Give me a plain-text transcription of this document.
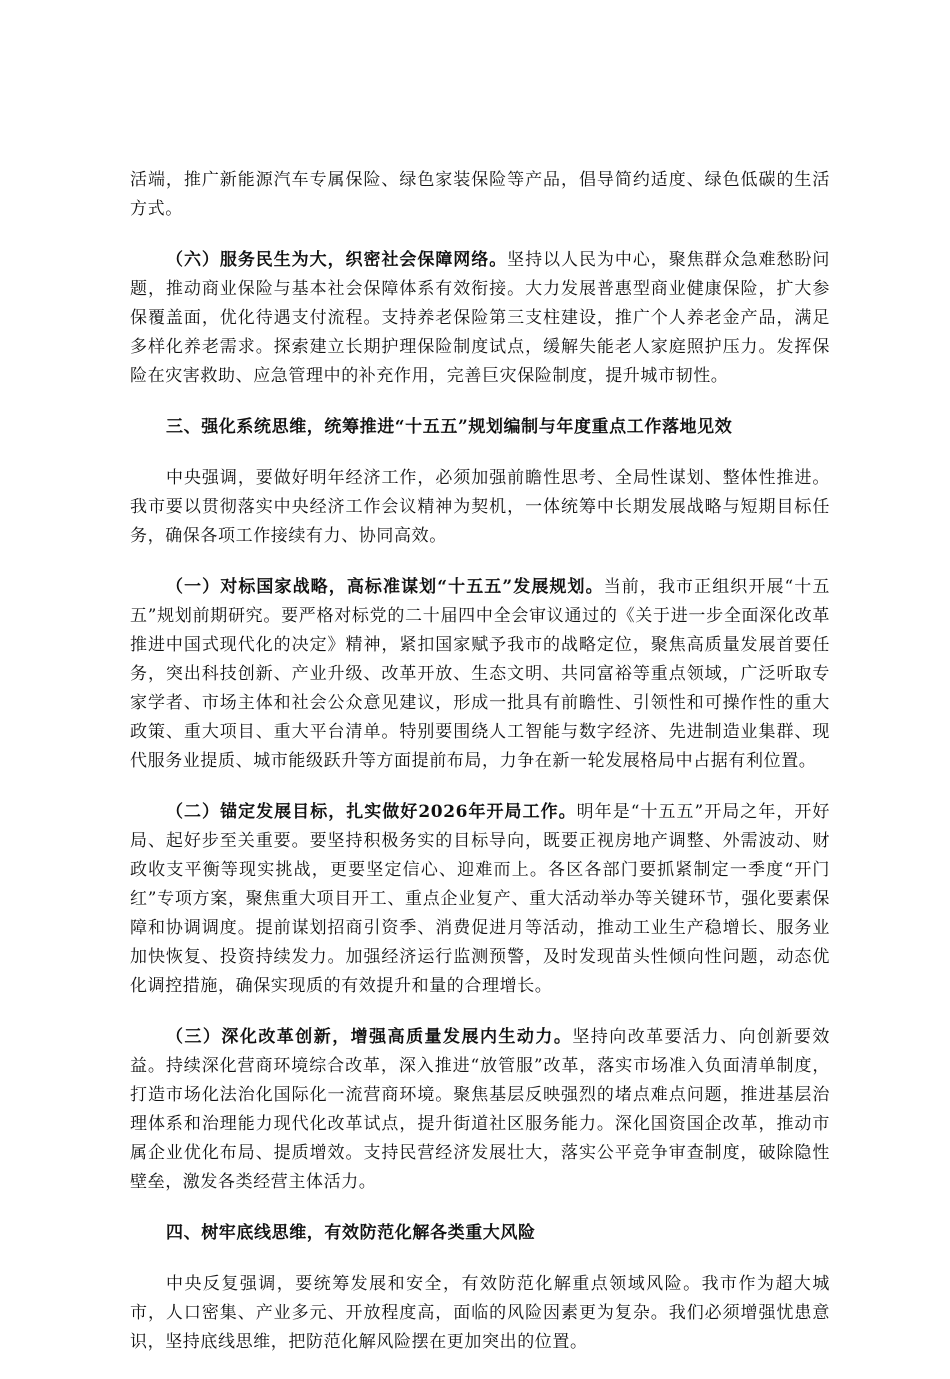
活端，推广新能源汽车专属保险、绿色家装保险等产品，倡导简约适度、绿色低碳的生活方式。

（六）服务民生为大，织密社会保障网络。坚持以人民为中心，聚焦群众急难愁盼问题，推动商业保险与基本社会保障体系有效衔接。大力发展普惠型商业健康保险，扩大参保覆盖面，优化待遇支付流程。支持养老保险第三支柱建设，推广个人养老金产品，满足多样化养老需求。探索建立长期护理保险制度试点，缓解失能老人家庭照护压力。发挥保险在灾害救助、应急管理中的补充作用，完善巨灾保险制度，提升城市韧性。

三、强化系统思维，统筹推进“十五五”规划编制与年度重点工作落地见效

中央强调，要做好明年经济工作，必须加强前瞻性思考、全局性谋划、整体性推进。我市要以贯彻落实中央经济工作会议精神为契机，一体统筹中长期发展战略与短期目标任务，确保各项工作接续有力、协同高效。

（一）对标国家战略，高标准谋划“十五五”发展规划。当前，我市正组织开展“十五五”规划前期研究。要严格对标党的二十届四中全会审议通过的《关于进一步全面深化改革推进中国式现代化的决定》精神，紧扣国家赋予我市的战略定位，聚焦高质量发展首要任务，突出科技创新、产业升级、改革开放、生态文明、共同富裕等重点领域，广泛听取专家学者、市场主体和社会公众意见建议，形成一批具有前瞻性、引领性和可操作性的重大政策、重大项目、重大平台清单。特别要围绕人工智能与数字经济、先进制造业集群、现代服务业提质、城市能级跃升等方面提前布局，力争在新一轮发展格局中占据有利位置。

（二）锚定发展目标，扎实做好2026年开局工作。明年是“十五五”开局之年，开好局、起好步至关重要。要坚持积极务实的目标导向，既要正视房地产调整、外需波动、财政收支平衡等现实挑战，更要坚定信心、迎难而上。各区各部门要抓紧制定一季度“开门红”专项方案，聚焦重大项目开工、重点企业复产、重大活动举办等关键环节，强化要素保障和协调调度。提前谋划招商引资季、消费促进月等活动，推动工业生产稳增长、服务业加快恢复、投资持续发力。加强经济运行监测预警，及时发现苗头性倾向性问题，动态优化调控措施，确保实现质的有效提升和量的合理增长。

（三）深化改革创新，增强高质量发展内生动力。坚持向改革要活力、向创新要效益。持续深化营商环境综合改革，深入推进“放管服”改革，落实市场准入负面清单制度，打造市场化法治化国际化一流营商环境。聚焦基层反映强烈的堵点难点问题，推进基层治理体系和治理能力现代化改革试点，提升街道社区服务能力。深化国资国企改革，推动市属企业优化布局、提质增效。支持民营经济发展壮大，落实公平竞争审查制度，破除隐性壁垒，激发各类经营主体活力。

四、树牢底线思维，有效防范化解各类重大风险

中央反复强调，要统筹发展和安全，有效防范化解重点领域风险。我市作为超大城市，人口密集、产业多元、开放程度高，面临的风险因素更为复杂。我们必须增强忧患意识，坚持底线思维，把防范化解风险摆在更加突出的位置。
